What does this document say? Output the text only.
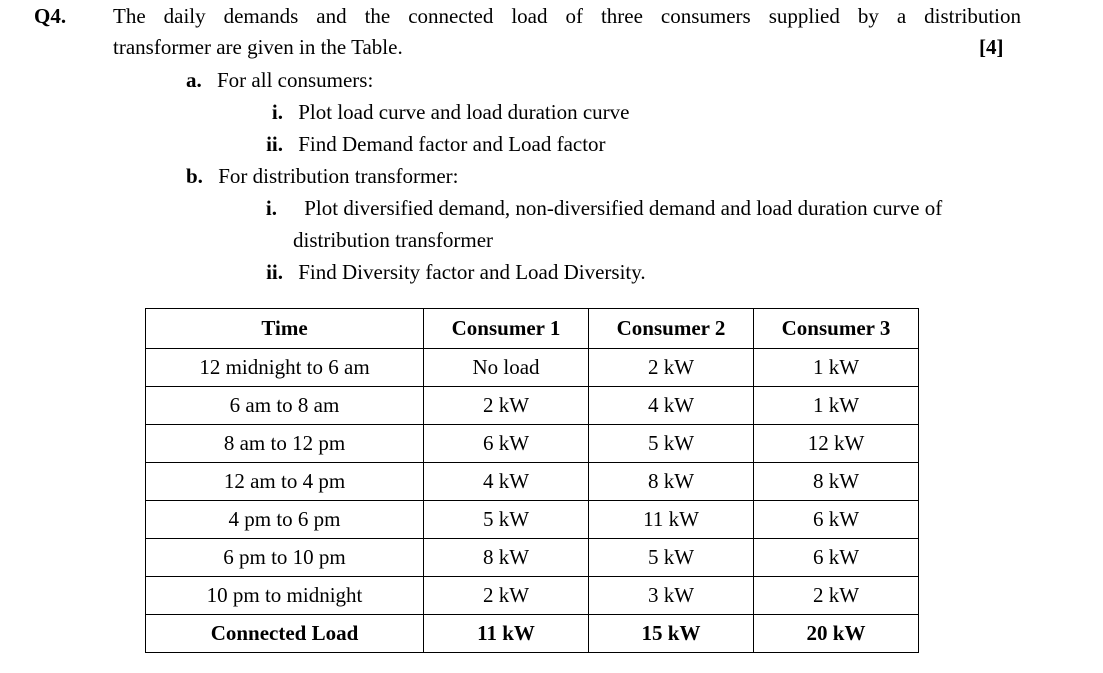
Q4. The daily demands and the connected load of three consumers supplied by a distribution
transformer are given in the Table.	[4]
a. For all consumers:
i. Plot load curve and load duration curve
ii. Find Demand factor and Load factor
b. For distribution transformer:
i. Plot diversified demand, non-diversified demand and load duration curve of
distribution transformer
ii. Find Diversity factor and Load Diversity.
Time	Consumer 1	Consumer 2	Consumer 3
12 midnight to 6 am	No load	2 kW	1 kW
6 am to 8 am	2 kW	4 kW	1 kW
8 am to 12 pm	6 kW	5 kW	12 kW
12 am to 4 pm	4 kW	8 kW	8 kW
4 pm to 6 pm	5 kW	11 kW	6 kW
6 pm to 10 pm	8 kW	5 kW	6 kW
10 pm to midnight	2 kW	3 kW	2 kW
Connected Load	11 kW	15 kW	20 kW
